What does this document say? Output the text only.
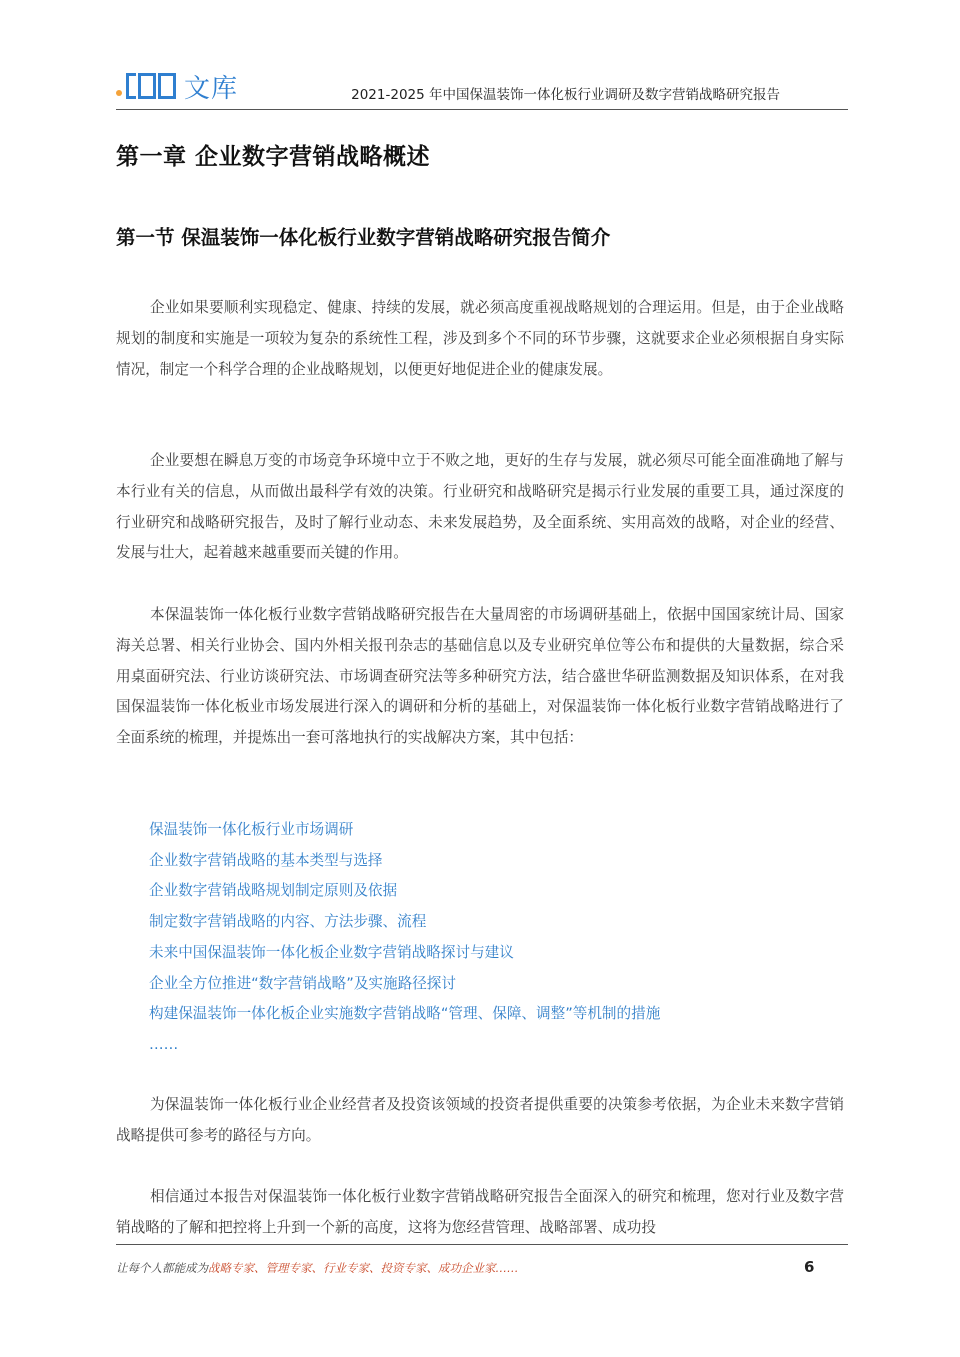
文库	2021-2025 年中国保温装饰一体化板行业调研及数字营销战略研究报告
第一章 企业数字营销战略概述
第一节 保温装饰一体化板行业数字营销战略研究报告简介

企业如果要顺利实现稳定、健康、持续的发展，就必须高度重视战略规划的合理运用。但是，由于企业战略规划的制度和实施是一项较为复杂的系统性工程，涉及到多个不同的环节步骤，这就要求企业必须根据自身实际情况，制定一个科学合理的企业战略规划，以便更好地促进企业的健康发展。

企业要想在瞬息万变的市场竞争环境中立于不败之地，更好的生存与发展，就必须尽可能全面准确地了解与本行业有关的信息，从而做出最科学有效的决策。行业研究和战略研究是揭示行业发展的重要工具，通过深度的行业研究和战略研究报告，及时了解行业动态、未来发展趋势，及全面系统、实用高效的战略，对企业的经营、发展与壮大，起着越来越重要而关键的作用。

本保温装饰一体化板行业数字营销战略研究报告在大量周密的市场调研基础上，依据中国国家统计局、国家海关总署、相关行业协会、国内外相关报刊杂志的基础信息以及专业研究单位等公布和提供的大量数据，综合采用桌面研究法、行业访谈研究法、市场调查研究法等多种研究方法，结合盛世华研监测数据及知识体系，在对我国保温装饰一体化板业市场发展进行深入的调研和分析的基础上，对保温装饰一体化板行业数字营销战略进行了全面系统的梳理，并提炼出一套可落地执行的实战解决方案，其中包括：

保温装饰一体化板行业市场调研
企业数字营销战略的基本类型与选择
企业数字营销战略规划制定原则及依据
制定数字营销战略的内容、方法步骤、流程
未来中国保温装饰一体化板企业数字营销战略探讨与建议
企业全方位推进“数字营销战略”及实施路径探讨
构建保温装饰一体化板企业实施数字营销战略“管理、保障、调整”等机制的措施
……

为保温装饰一体化板行业企业经营者及投资该领域的投资者提供重要的决策参考依据，为企业未来数字营销战略提供可参考的路径与方向。

相信通过本报告对保温装饰一体化板行业数字营销战略研究报告全面深入的研究和梳理，您对行业及数字营销战略的了解和把控将上升到一个新的高度，这将为您经营管理、战略部署、成功投

让每个人都能成为战略专家、管理专家、行业专家、投资专家、成功企业家……	6
